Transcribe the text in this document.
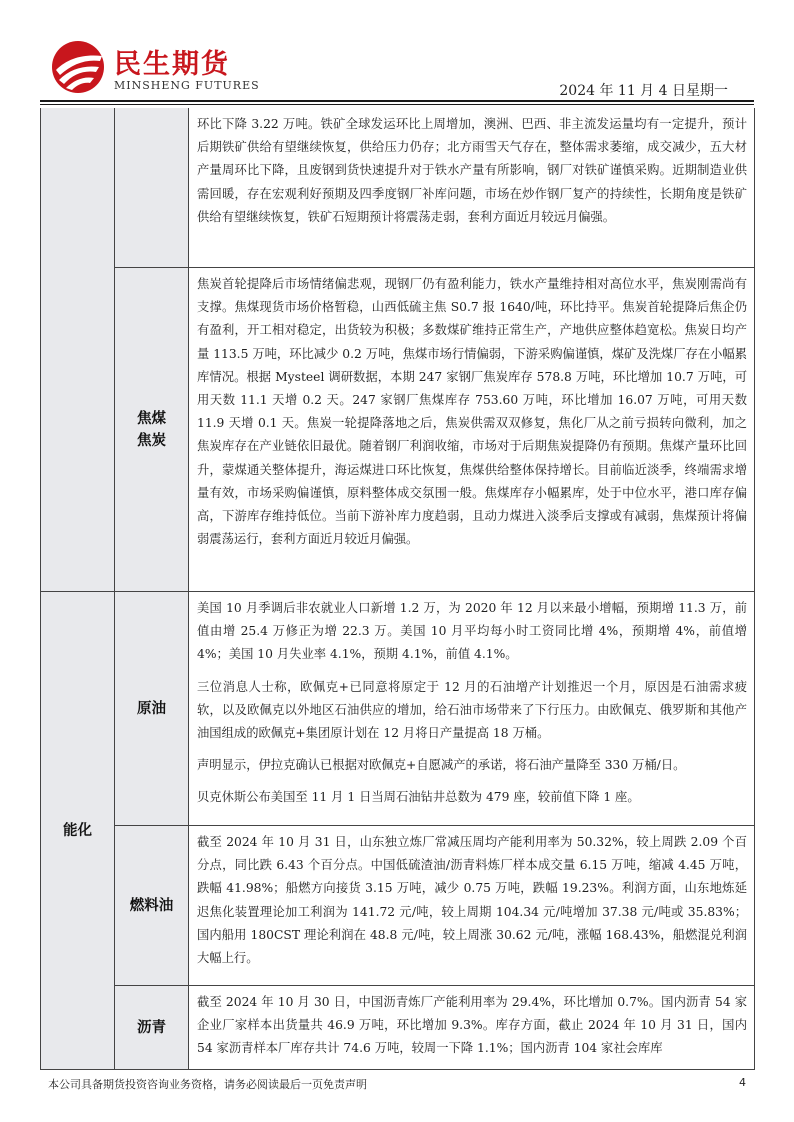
民生期货
MINSHENG FUTURES	2024 年 11 月 4 日星期一

环比下降 3.22 万吨。铁矿全球发运环比上周增加，澳洲、巴西、非主流发运量均有一定提升，预计后期铁矿供给有望继续恢复，供给压力仍存；北方雨雪天气存在，整体需求萎缩，成交减少，五大材产量周环比下降，且废钢到货快速提升对于铁水产量有所影响，钢厂对铁矿谨慎采购。近期制造业供需回暖，存在宏观利好预期及四季度钢厂补库问题，市场在炒作钢厂复产的持续性，长期角度是铁矿供给有望继续恢复，铁矿石短期预计将震荡走弱，套利方面近月较远月偏强。

焦煤
焦炭

焦炭首轮提降后市场情绪偏悲观，现钢厂仍有盈利能力，铁水产量维持相对高位水平，焦炭刚需尚有支撑。焦煤现货市场价格暂稳，山西低硫主焦 S0.7 报 1640/吨，环比持平。焦炭首轮提降后焦企仍有盈利，开工相对稳定，出货较为积极；多数煤矿维持正常生产，产地供应整体趋宽松。焦炭日均产量 113.5 万吨，环比减少 0.2 万吨，焦煤市场行情偏弱，下游采购偏谨慎，煤矿及洗煤厂存在小幅累库情况。根据 Mysteel 调研数据，本期 247 家钢厂焦炭库存 578.8 万吨，环比增加 10.7 万吨，可用天数 11.1 天增 0.2 天。247 家钢厂焦煤库存 753.60 万吨，环比增加 16.07 万吨，可用天数 11.9 天增 0.1 天。焦炭一轮提降落地之后，焦炭供需双双修复，焦化厂从之前亏损转向微利，加之焦炭库存在产业链依旧最优。随着钢厂利润收缩，市场对于后期焦炭提降仍有预期。焦煤产量环比回升，蒙煤通关整体提升，海运煤进口环比恢复，焦煤供给整体保持增长。目前临近淡季，终端需求增量有效，市场采购偏谨慎，原料整体成交氛围一般。焦煤库存小幅累库，处于中位水平，港口库存偏高，下游库存维持低位。当前下游补库力度趋弱，且动力煤进入淡季后支撑或有减弱，焦煤预计将偏弱震荡运行，套利方面近月较近月偏强。

能化
原油

美国 10 月季调后非农就业人口新增 1.2 万，为 2020 年 12 月以来最小增幅，预期增 11.3 万，前值由增 25.4 万修正为增 22.3 万。美国 10 月平均每小时工资同比增 4%，预期增 4%，前值增 4%；美国 10 月失业率 4.1%，预期 4.1%，前值 4.1%。

三位消息人士称，欧佩克+已同意将原定于 12 月的石油增产计划推迟一个月，原因是石油需求疲软，以及欧佩克以外地区石油供应的增加，给石油市场带来了下行压力。由欧佩克、俄罗斯和其他产油国组成的欧佩克+集团原计划在 12 月将日产量提高 18 万桶。

声明显示，伊拉克确认已根据对欧佩克+自愿减产的承诺，将石油产量降至 330 万桶/日。

贝克休斯公布美国至 11 月 1 日当周石油钻井总数为 479 座，较前值下降 1 座。

燃料油

截至 2024 年 10 月 31 日，山东独立炼厂常减压周均产能利用率为 50.32%，较上周跌 2.09 个百分点，同比跌 6.43 个百分点。中国低硫渣油/沥青料炼厂样本成交量 6.15 万吨，缩减 4.45 万吨，跌幅 41.98%；船燃方向接货 3.15 万吨，减少 0.75 万吨，跌幅 19.23%。利润方面，山东地炼延迟焦化装置理论加工利润为 141.72 元/吨，较上周期 104.34 元/吨增加 37.38 元/吨或 35.83%；国内船用 180CST 理论利润在 48.8 元/吨，较上周涨 30.62 元/吨，涨幅 168.43%，船燃混兑利润大幅上行。

沥青

截至 2024 年 10 月 30 日，中国沥青炼厂产能利用率为 29.4%，环比增加 0.7%。国内沥青 54 家企业厂家样本出货量共 46.9 万吨，环比增加 9.3%。库存方面，截止 2024 年 10 月 31 日，国内 54 家沥青样本厂库存共计 74.6 万吨，较周一下降 1.1%；国内沥青 104 家社会库库

本公司具备期货投资咨询业务资格，请务必阅读最后一页免责声明	4
